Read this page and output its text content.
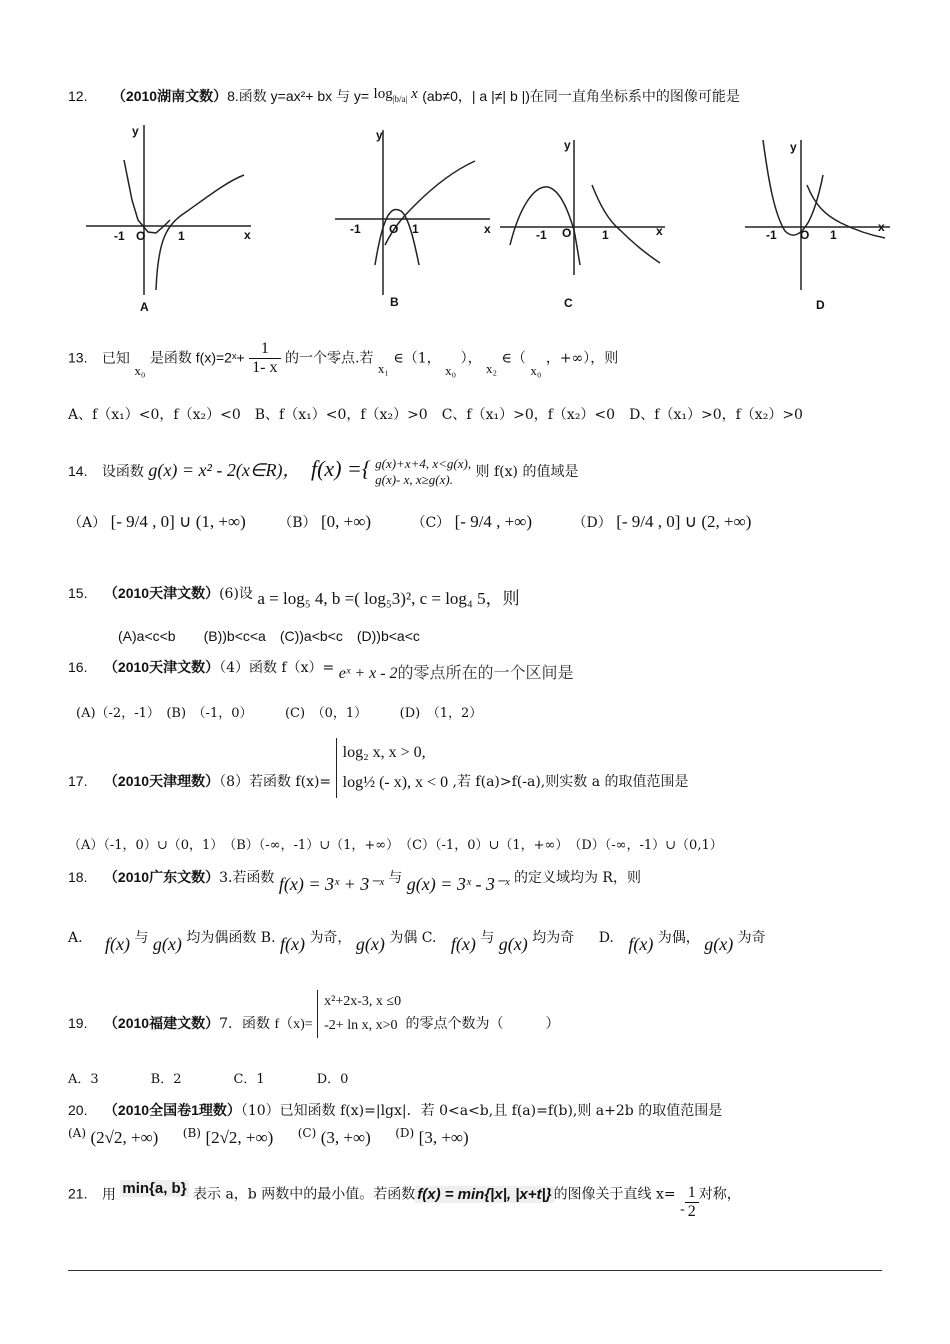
12. （2010湖南文数）8.函数 y=ax²+ bx 与 $y= \log_{|b/a|} x$ (ab≠0，| a |≠| b |)在同一直角坐标系中的图像可能是
A
y
x
-1 O	1
B
y
x
-1 O 1
C
y
x
-1 O	1
D
y
x
-1 O 1
13. 已知 x₀ 是函数 f(x)=2ˣ+ $\frac{1}{1- x}$ 的一个零点.若 x₁ ∈（1， x₀ ）， x₂ ∈（ x₀ ，+∞），则
A、f（x₁）<0，f（x₂）<0　B、f（x₁）<0，f（x₂）>0　C、f（x₁）>0，f（x₂）<0　D、f（x₁）>0，f（x₂）>0
14. 设函数 g(x) = x² - 2(x∈R)， f(x) ={ g(x)+x+4, x<g(x),
g(x)- x, x≥g(x).	则 f(x) 的值域是
（A） [- 9/4 , 0] ∪ (1, +∞) （B） [0, +∞)	（C） [- 9/4 , +∞)	（D） [- 9/4 , 0] ∪ (2, +∞)
15. （2010天津文数）(6)设 a = log₅ 4, b =( log₅3)², c = log₄ 5，则
(A)a<c<b　　(B))b<c<a　(C))a<b<c　(D))b<a<c
16. （2010天津文数）（4）函数 f（x）= eˣ + x - 2的零点所在的一个区间是
(A)（-2，-1）　(B)　（-1，0）　　　(C)　（0，1）　　　(D)　（1，2）
17. （2010天津理数）（8）若函数 f(x)=
log₂ x, x > 0,
log½ (- x), x < 0 ,若 f(a)>f(-a),则实数 a 的取值范围是
（A）（-1，0）∪（0，1）　（B）（-∞，-1）∪（1，+∞）　（C）（-1，0）∪（1，+∞）　（D）（-∞，-1）∪（0,1）
18. （2010广东文数）3.若函数 f(x) = 3ˣ + 3⁻ˣ 与 g(x) = 3ˣ - 3⁻ˣ 的定义域均为 R，则
A. f(x) 与 g(x) 均为偶函数 B. f(x) 为奇， g(x) 为偶 C. f(x) 与 g(x) 均为奇 D. f(x) 为偶， g(x) 为奇
19. （2010福建文数）7．函数 f（x)=
x²+2x-3, x ≤0
-2+ ln x, x>0 的零点个数为（　　　）
A．3　　　　B．2　　　　C．1　　　　D．0
20. （2010全国卷1理数）（10）已知函数 f(x)=|lgx|．若 0<a<b,且 f(a)=f(b),则 a+2b 的取值范围是
(A) (2√2, +∞) (B) [2√2, +∞) (C) (3, +∞) (D) [3, +∞)
21. 用 min{a, b} 表示 a，b 两数中的最小值。若函数 f(x) = min{|x|, |x+t|} 的图像关于直线 $x= - \frac{1}{2}$ 对称，
